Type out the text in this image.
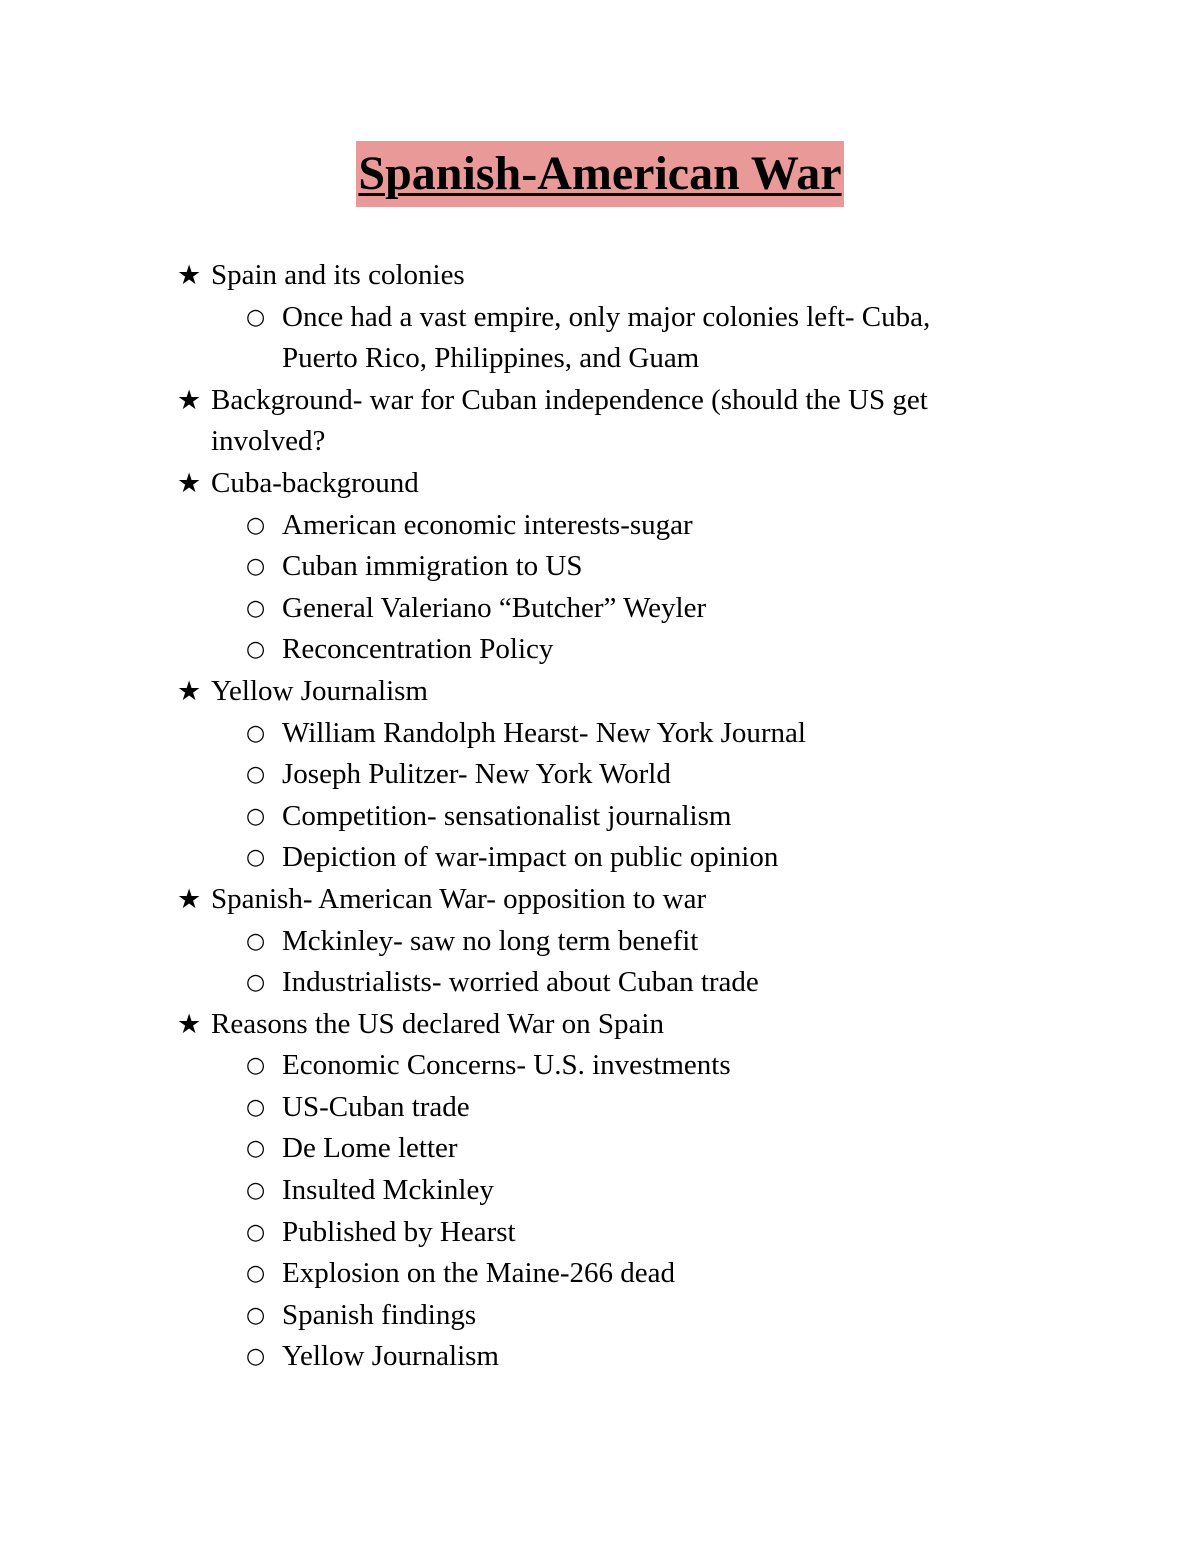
Spanish-American War
★ Spain and its colonies
○ Once had a vast empire, only major colonies left- Cuba, Puerto Rico, Philippines, and Guam
★ Background- war for Cuban independence (should the US get involved?
★ Cuba-background
○ American economic interests-sugar
○ Cuban immigration to US
○ General Valeriano “Butcher” Weyler
○ Reconcentration Policy
★ Yellow Journalism
○ William Randolph Hearst- New York Journal
○ Joseph Pulitzer- New York World
○ Competition- sensationalist journalism
○ Depiction of war-impact on public opinion
★ Spanish- American War- opposition to war
○ Mckinley- saw no long term benefit
○ Industrialists- worried about Cuban trade
★ Reasons the US declared War on Spain
○ Economic Concerns- U.S. investments
○ US-Cuban trade
○ De Lome letter
○ Insulted Mckinley
○ Published by Hearst
○ Explosion on the Maine-266 dead
○ Spanish findings
○ Yellow Journalism
